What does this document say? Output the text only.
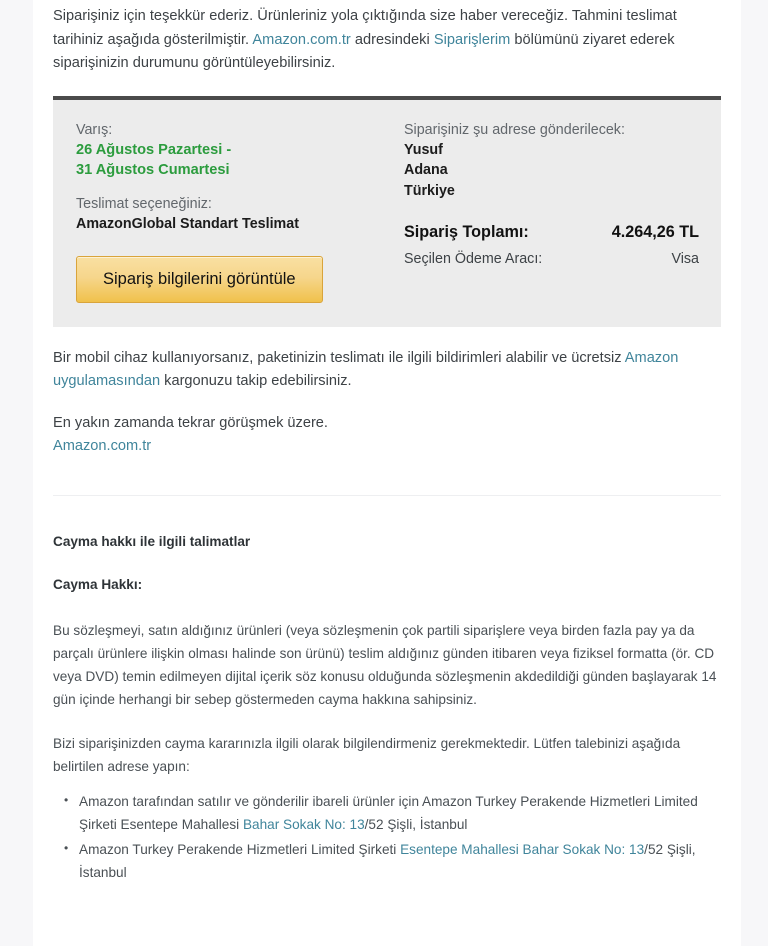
Siparişiniz için teşekkür ederiz. Ürünleriniz yola çıktığında size haber vereceğiz. Tahmini teslimat tarihiniz aşağıda gösterilmiştir. Amazon.com.tr adresindeki Siparişlerim bölümünü ziyaret ederek siparişinizin durumunu görüntüleyebilirsiniz.

Varış:

26 Ağustos Pazartesi -

31 Ağustos Cumartesi

Teslimat seçeneğiniz:

AmazonGlobal Standart Teslimat

Sipariş bilgilerini görüntüle

Siparişiniz şu adrese gönderilecek:

Yusuf
Adana
Türkiye
Sipariş Toplamı:	4.264,26 TL
Seçilen Ödeme Aracı:	Visa

Bir mobil cihaz kullanıyorsanız, paketinizin teslimatı ile ilgili bildirimleri alabilir ve ücretsiz Amazon uygulamasından kargonuzu takip edebilirsiniz.

En yakın zamanda tekrar görüşmek üzere.
Amazon.com.tr

Cayma hakkı ile ilgili talimatlar

Cayma Hakkı:

Bu sözleşmeyi, satın aldığınız ürünleri (veya sözleşmenin çok partili siparişlere veya birden fazla pay ya da parçalı ürünlere ilişkin olması halinde son ürünü) teslim aldığınız günden itibaren veya fiziksel formatta (ör. CD veya DVD) temin edilmeyen dijital içerik söz konusu olduğunda sözleşmenin akdedildiği günden başlayarak 14 gün içinde herhangi bir sebep göstermeden cayma hakkına sahipsiniz.

Bizi siparişinizden cayma kararınızla ilgili olarak bilgilendirmeniz gerekmektedir. Lütfen talebinizi aşağıda belirtilen adrese yapın:

• Amazon tarafından satılır ve gönderilir ibareli ürünler için Amazon Turkey Perakende Hizmetleri Limited Şirketi Esentepe Mahallesi Bahar Sokak No: 13/52 Şişli, İstanbul
• Amazon Turkey Perakende Hizmetleri Limited Şirketi Esentepe Mahallesi Bahar Sokak No: 13/52 Şişli, İstanbul
